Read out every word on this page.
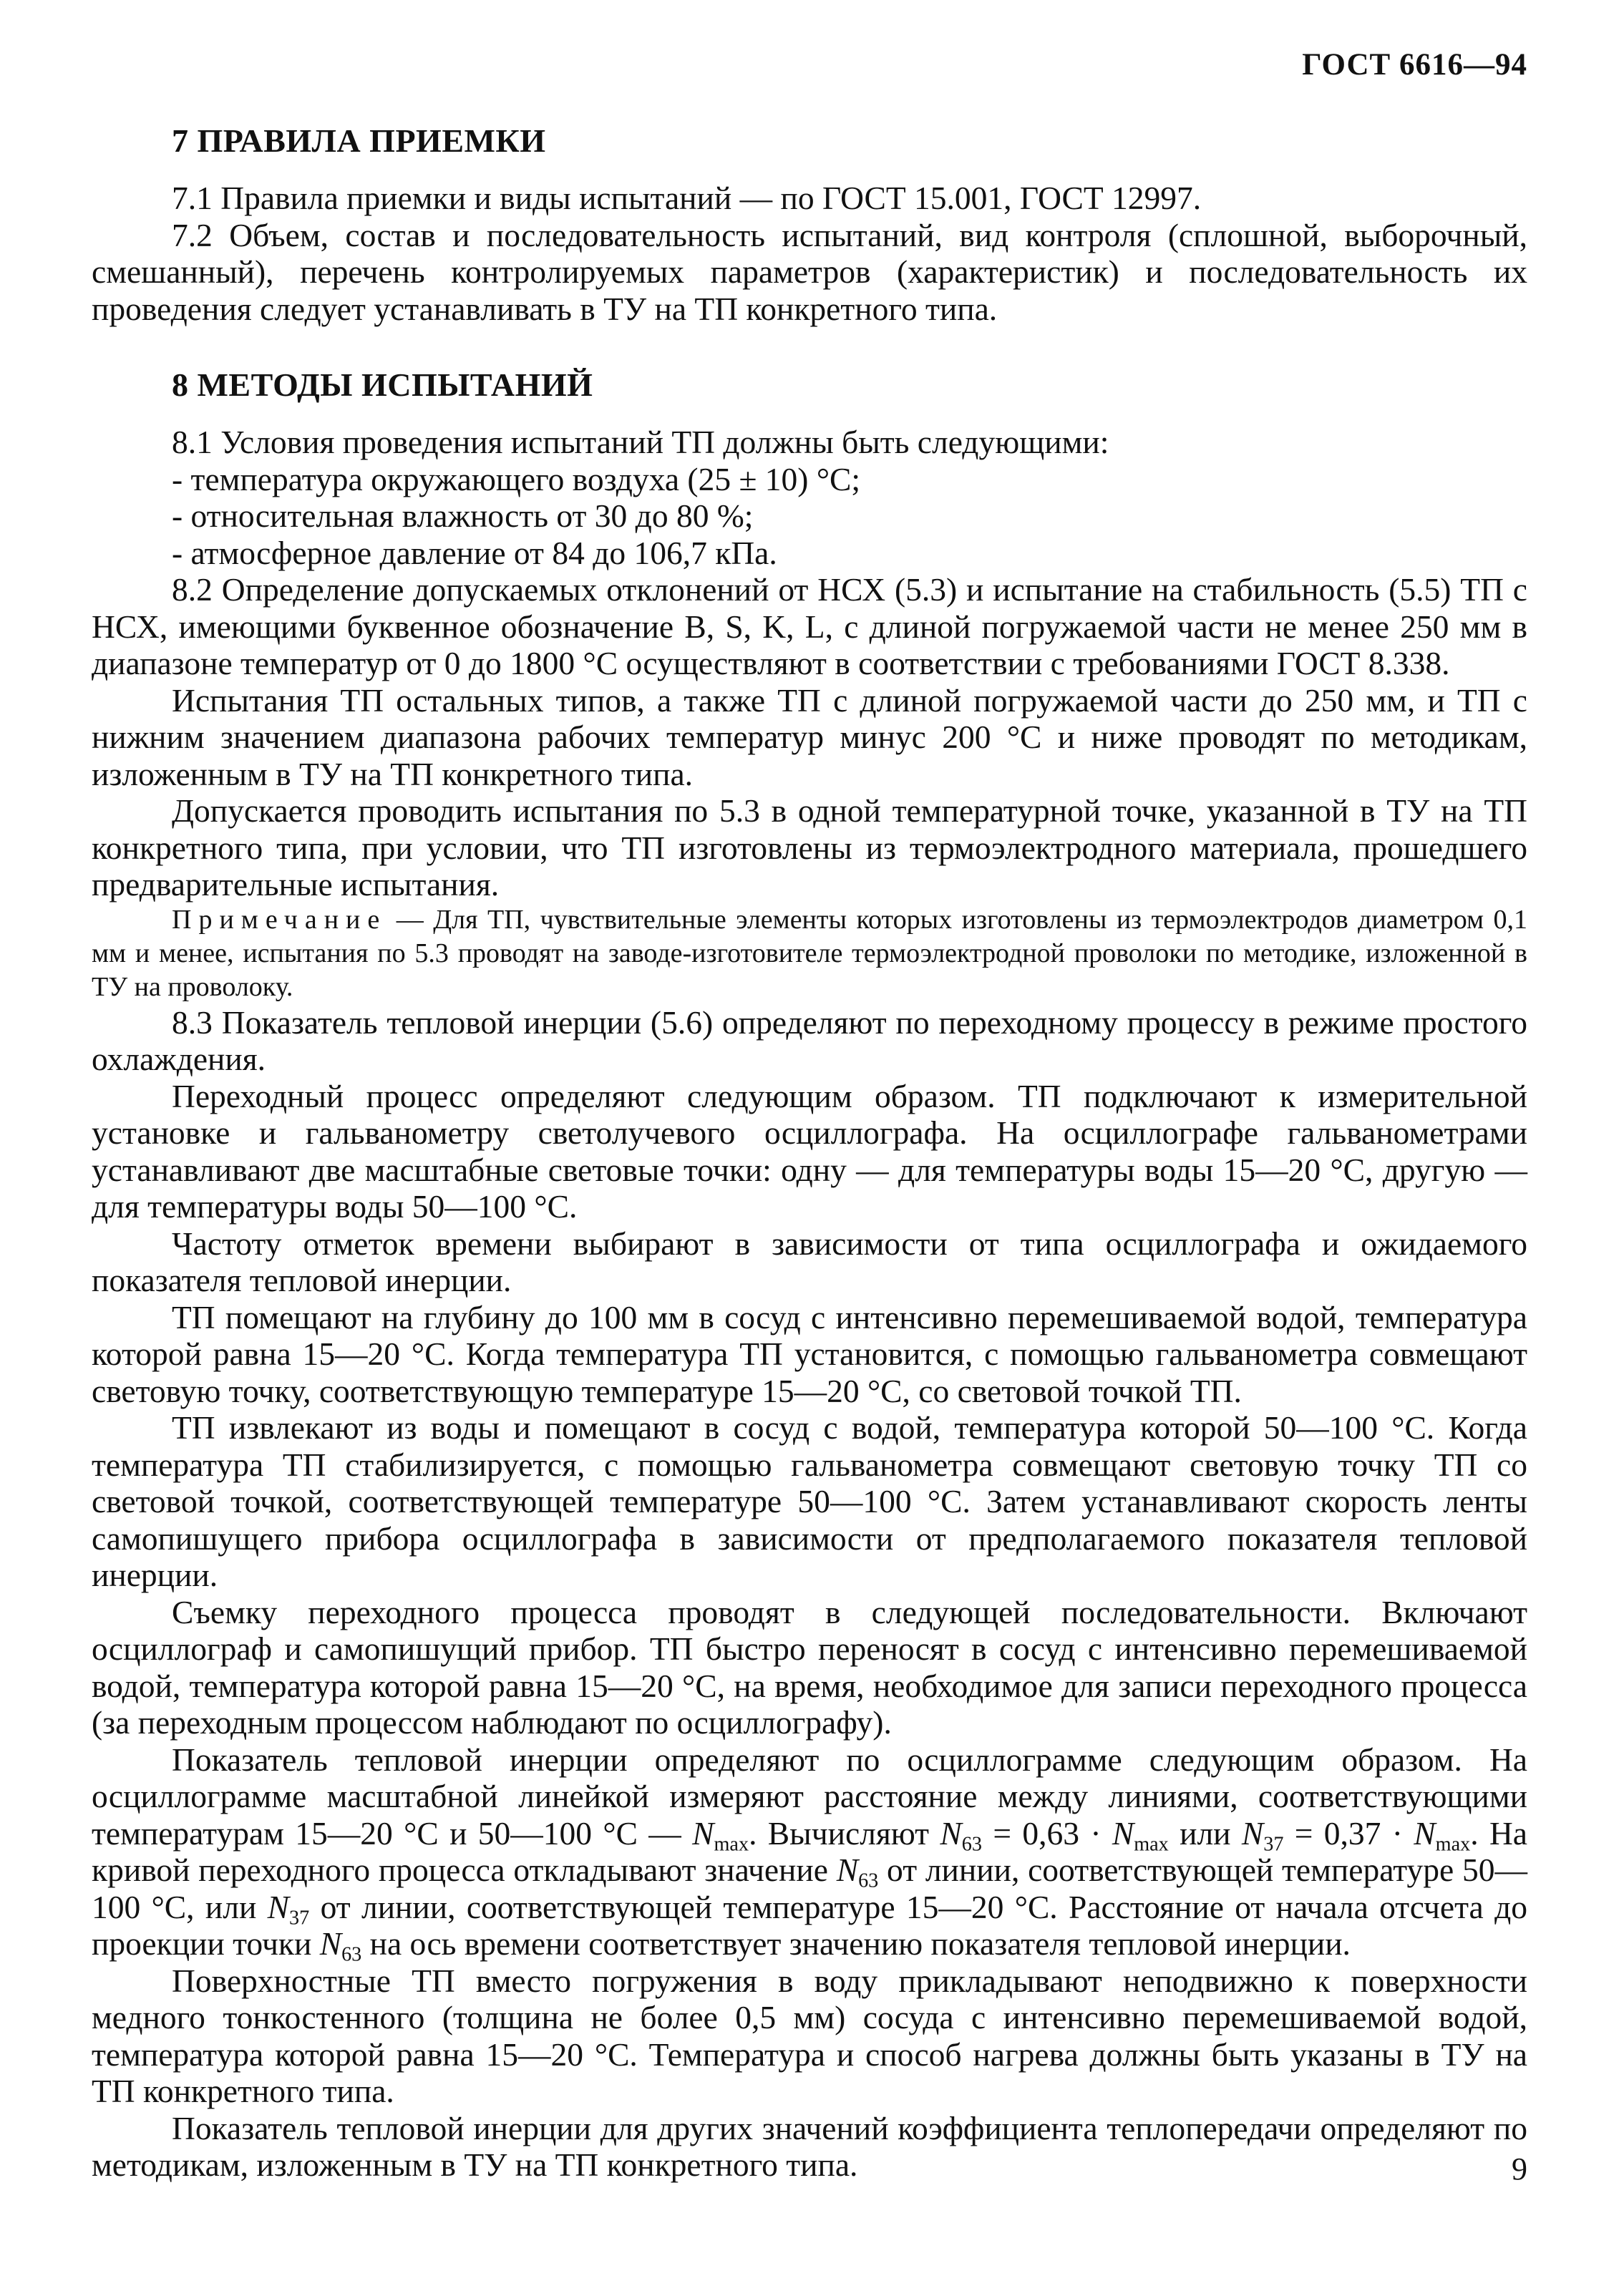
ГОСТ 6616—94
7 ПРАВИЛА ПРИЕМКИ

7.1 Правила приемки и виды испытаний — по ГОСТ 15.001, ГОСТ 12997.

7.2 Объем, состав и последовательность испытаний, вид контроля (сплошной, выборочный, смешанный), перечень контролируемых параметров (характеристик) и последовательность их проведения следует устанавливать в ТУ на ТП конкретного типа.

8 МЕТОДЫ ИСПЫТАНИЙ

8.1 Условия проведения испытаний ТП должны быть следующими:

- температура окружающего воздуха (25 ± 10) °С;

- относительная влажность от 30 до 80 %;

- атмосферное давление от 84 до 106,7 кПа.

8.2 Определение допускаемых отклонений от НСХ (5.3) и испытание на стабильность (5.5) ТП с НСХ, имеющими буквенное обозначение В, S, K, L, с длиной погружаемой части не менее 250 мм в диапазоне температур от 0 до 1800 °С осуществляют в соответствии с требованиями ГОСТ 8.338.

Испытания ТП остальных типов, а также ТП с длиной погружаемой части до 250 мм, и ТП с нижним значением диапазона рабочих температур минус 200 °С и ниже проводят по методикам, изложенным в ТУ на ТП конкретного типа.

Допускается проводить испытания по 5.3 в одной температурной точке, указанной в ТУ на ТП конкретного типа, при условии, что ТП изготовлены из термоэлектродного материала, прошедшего предварительные испытания.

Примечание — Для ТП, чувствительные элементы которых изготовлены из термоэлектродов диаметром 0,1 мм и менее, испытания по 5.3 проводят на заводе-изготовителе термоэлектродной проволоки по методике, изложенной в ТУ на проволоку.

8.3 Показатель тепловой инерции (5.6) определяют по переходному процессу в режиме простого охлаждения.

Переходный процесс определяют следующим образом. ТП подключают к измерительной установке и гальванометру светолучевого осциллографа. На осциллографе гальванометрами устанавливают две масштабные световые точки: одну — для температуры воды 15—20 °С, другую — для температуры воды 50—100 °С.

Частоту отметок времени выбирают в зависимости от типа осциллографа и ожидаемого показателя тепловой инерции.

ТП помещают на глубину до 100 мм в сосуд с интенсивно перемешиваемой водой, температура которой равна 15—20 °С. Когда температура ТП установится, с помощью гальванометра совмещают световую точку, соответствующую температуре 15—20 °С, со световой точкой ТП.

ТП извлекают из воды и помещают в сосуд с водой, температура которой 50—100 °С. Когда температура ТП стабилизируется, с помощью гальванометра совмещают световую точку ТП со световой точкой, соответствующей температуре 50—100 °С. Затем устанавливают скорость ленты самопишущего прибора осциллографа в зависимости от предполагаемого показателя тепловой инерции.

Съемку переходного процесса проводят в следующей последовательности. Включают осциллограф и самопишущий прибор. ТП быстро переносят в сосуд с интенсивно перемешиваемой водой, температура которой равна 15—20 °С, на время, необходимое для записи переходного процесса (за переходным процессом наблюдают по осциллографу).

Показатель тепловой инерции определяют по осциллограмме следующим образом. На осциллограмме масштабной линейкой измеряют расстояние между линиями, соответствующими температурам 15—20 °С и 50—100 °С — $N_{max}$. Вычисляют $N_{63} = 0,63 \cdot N_{max}$ или $N_{37} = 0,37 \cdot N_{max}$. На кривой переходного процесса откладывают значение $N_{63}$ от линии, соответствующей температуре 50—100 °С, или $N_{37}$ от линии, соответствующей температуре 15—20 °С. Расстояние от начала отсчета до проекции точки $N_{63}$ на ось времени соответствует значению показателя тепловой инерции.

Поверхностные ТП вместо погружения в воду прикладывают неподвижно к поверхности медного тонкостенного (толщина не более 0,5 мм) сосуда с интенсивно перемешиваемой водой, температура которой равна 15—20 °С. Температура и способ нагрева должны быть указаны в ТУ на ТП конкретного типа.

Показатель тепловой инерции для других значений коэффициента теплопередачи определяют по методикам, изложенным в ТУ на ТП конкретного типа.	9
